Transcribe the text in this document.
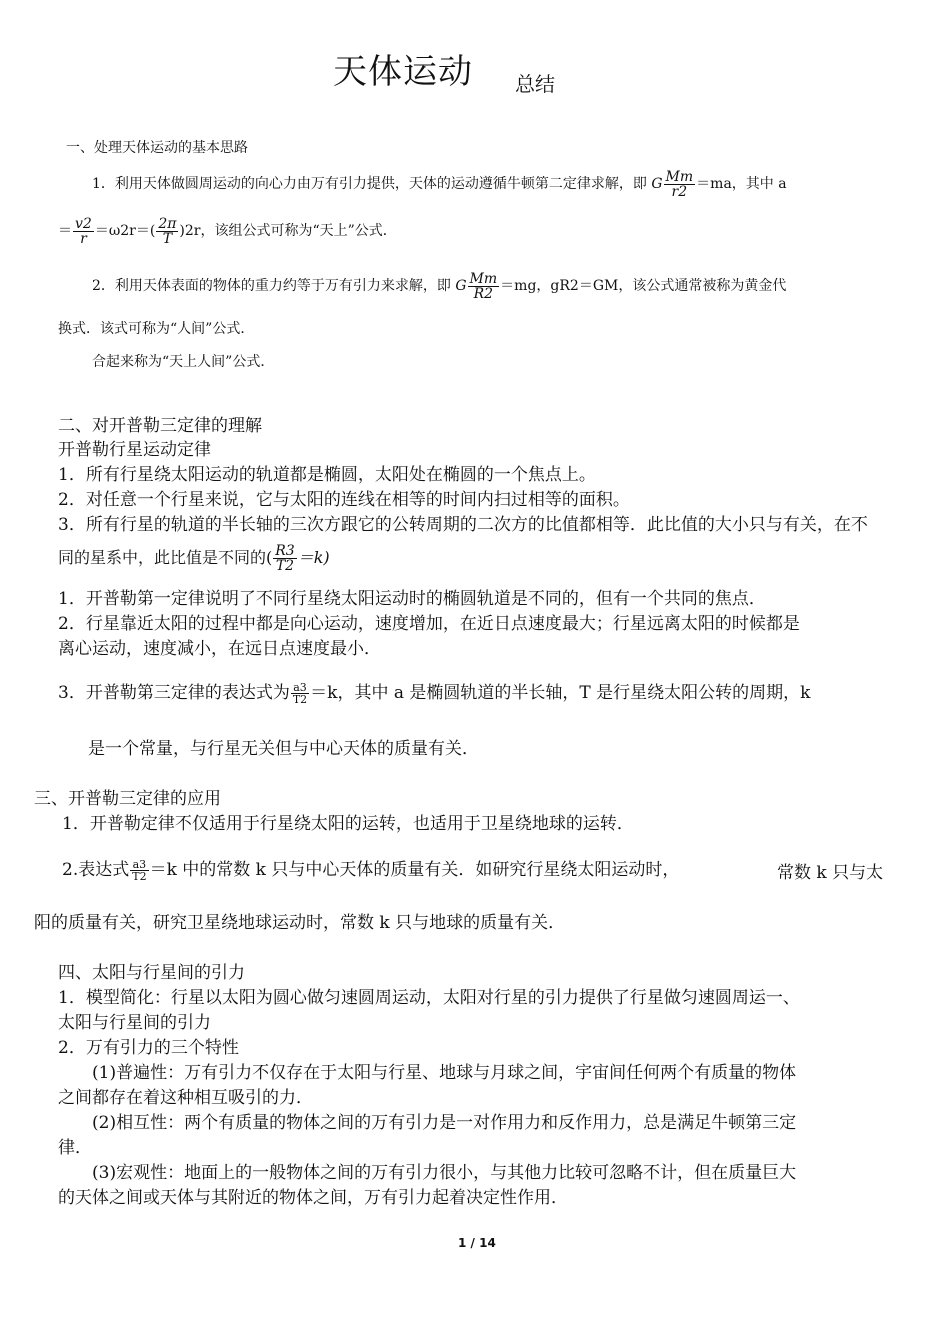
天体运动 总结
一、处理天体运动的基本思路
1．利用天体做圆周运动的向心力由万有引力提供，天体的运动遵循牛顿第二定律求解，即 G $\frac{Mm}{r2} =ma$，其中 a
＝ $\frac{v2}{r} =\omega 2r=( \frac{2\pi}{T} )2r$，该组公式可称为“天上”公式．
2．利用天体表面的物体的重力约等于万有引力来求解，即 G $\frac{Mm}{R2} =mg$，gR2＝GM，该公式通常被称为黄金代
换式．该式可称为“人间”公式．
合起来称为“天上人间”公式．
二、对开普勒三定律的理解
开普勒行星运动定律
1．所有行星绕太阳运动的轨道都是椭圆，太阳处在椭圆的一个焦点上。
2．对任意一个行星来说，它与太阳的连线在相等的时间内扫过相等的面积。
3．所有行星的轨道的半长轴的三次方跟它的公转周期的二次方的比值都相等．此比值的大小只与有关，在不
同的星系中，此比值是不同的( $\frac{R3}{T2} =k$)
1．开普勒第一定律说明了不同行星绕太阳运动时的椭圆轨道是不同的，但有一个共同的焦点．
2．行星靠近太阳的过程中都是向心运动，速度增加，在近日点速度最大；行星远离太阳的时候都是
离心运动，速度减小，在远日点速度最小．
3．开普勒第三定律的表达式为 $\frac{a3}{T2} =k$，其中 a 是椭圆轨道的半长轴，T 是行星绕太阳公转的周期，k
是一个常量，与行星无关但与中心天体的质量有关．
三、开普勒三定律的应用
1．开普勒定律不仅适用于行星绕太阳的运转，也适用于卫星绕地球的运转．
2.表达式 $\frac{a3}{T2} =k$ 中的常数 k 只与中心天体的质量有关．如研究行星绕太阳运动时，	常数 k 只与太
阳的质量有关，研究卫星绕地球运动时，常数 k 只与地球的质量有关．
四、太阳与行星间的引力
1．模型简化：行星以太阳为圆心做匀速圆周运动，太阳对行星的引力提供了行星做匀速圆周运一、
太阳与行星间的引力
2．万有引力的三个特性
(1)普遍性：万有引力不仅存在于太阳与行星、地球与月球之间，宇宙间任何两个有质量的物体
之间都存在着这种相互吸引的力．
(2)相互性：两个有质量的物体之间的万有引力是一对作用力和反作用力，总是满足牛顿第三定
律．
(3)宏观性：地面上的一般物体之间的万有引力很小，与其他力比较可忽略不计，但在质量巨大
的天体之间或天体与其附近的物体之间，万有引力起着决定性作用．
1 / 14
